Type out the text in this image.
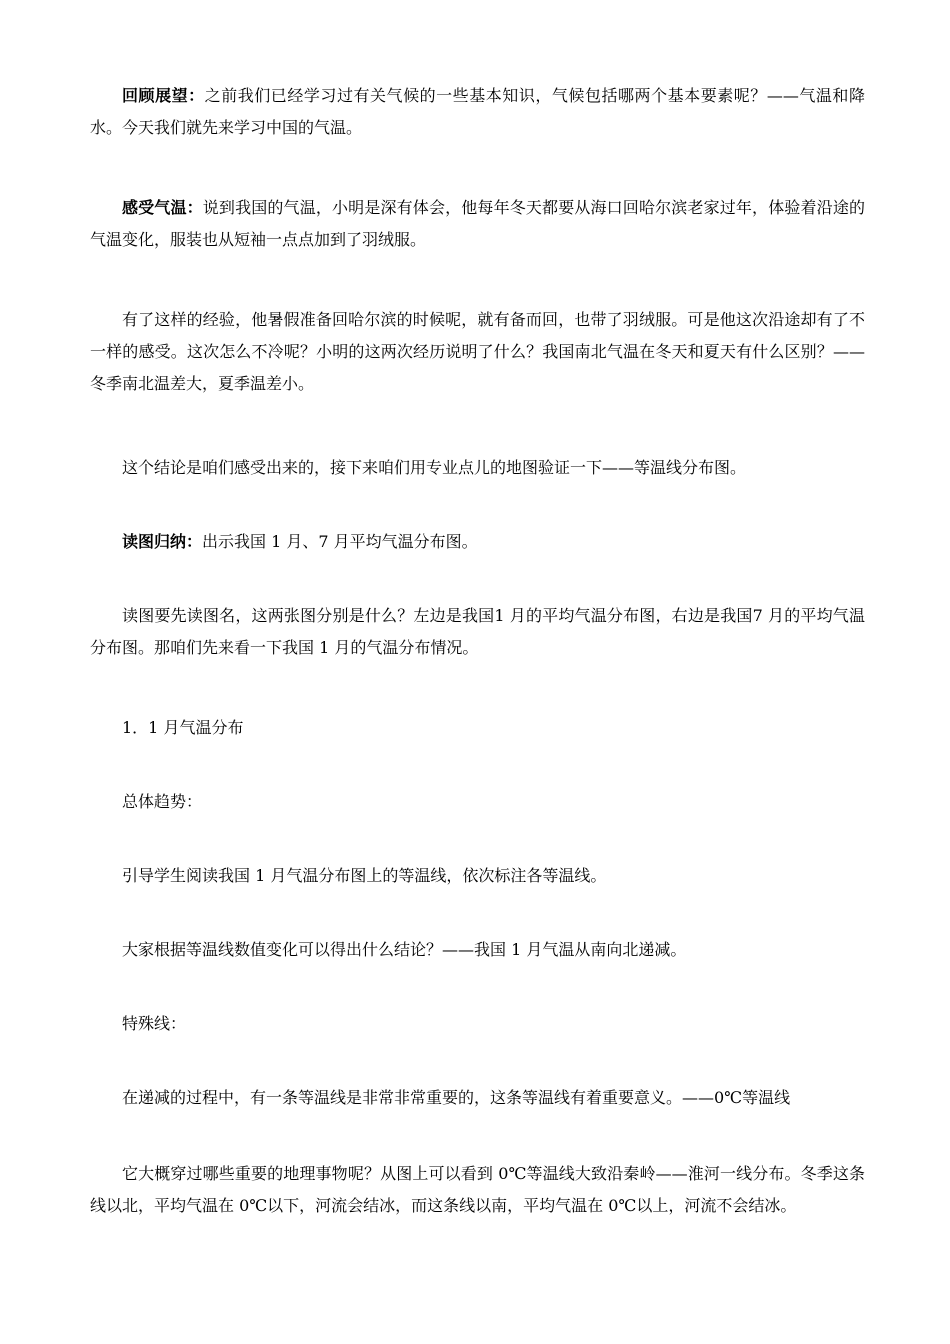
回顾展望：之前我们已经学习过有关气候的一些基本知识，气候包括哪两个基本要素呢？——气温和降水。今天我们就先来学习中国的气温。

感受气温：说到我国的气温，小明是深有体会，他每年冬天都要从海口回哈尔滨老家过年，体验着沿途的气温变化，服装也从短袖一点点加到了羽绒服。

有了这样的经验，他暑假准备回哈尔滨的时候呢，就有备而回，也带了羽绒服。可是他这次沿途却有了不一样的感受。这次怎么不冷呢？小明的这两次经历说明了什么？我国南北气温在冬天和夏天有什么区别？——冬季南北温差大，夏季温差小。

这个结论是咱们感受出来的，接下来咱们用专业点儿的地图验证一下——等温线分布图。

读图归纳：出示我国 1 月、7 月平均气温分布图。

读图要先读图名，这两张图分别是什么？左边是我国1 月的平均气温分布图，右边是我国7 月的平均气温分布图。那咱们先来看一下我国 1 月的气温分布情况。

1．1 月气温分布

总体趋势：

引导学生阅读我国 1 月气温分布图上的等温线，依次标注各等温线。

大家根据等温线数值变化可以得出什么结论？——我国 1 月气温从南向北递减。

特殊线：

在递减的过程中，有一条等温线是非常非常重要的，这条等温线有着重要意义。——0℃等温线

它大概穿过哪些重要的地理事物呢？从图上可以看到 0℃等温线大致沿秦岭——淮河一线分布。冬季这条线以北，平均气温在 0℃以下，河流会结冰，而这条线以南，平均气温在 0℃以上，河流不会结冰。
